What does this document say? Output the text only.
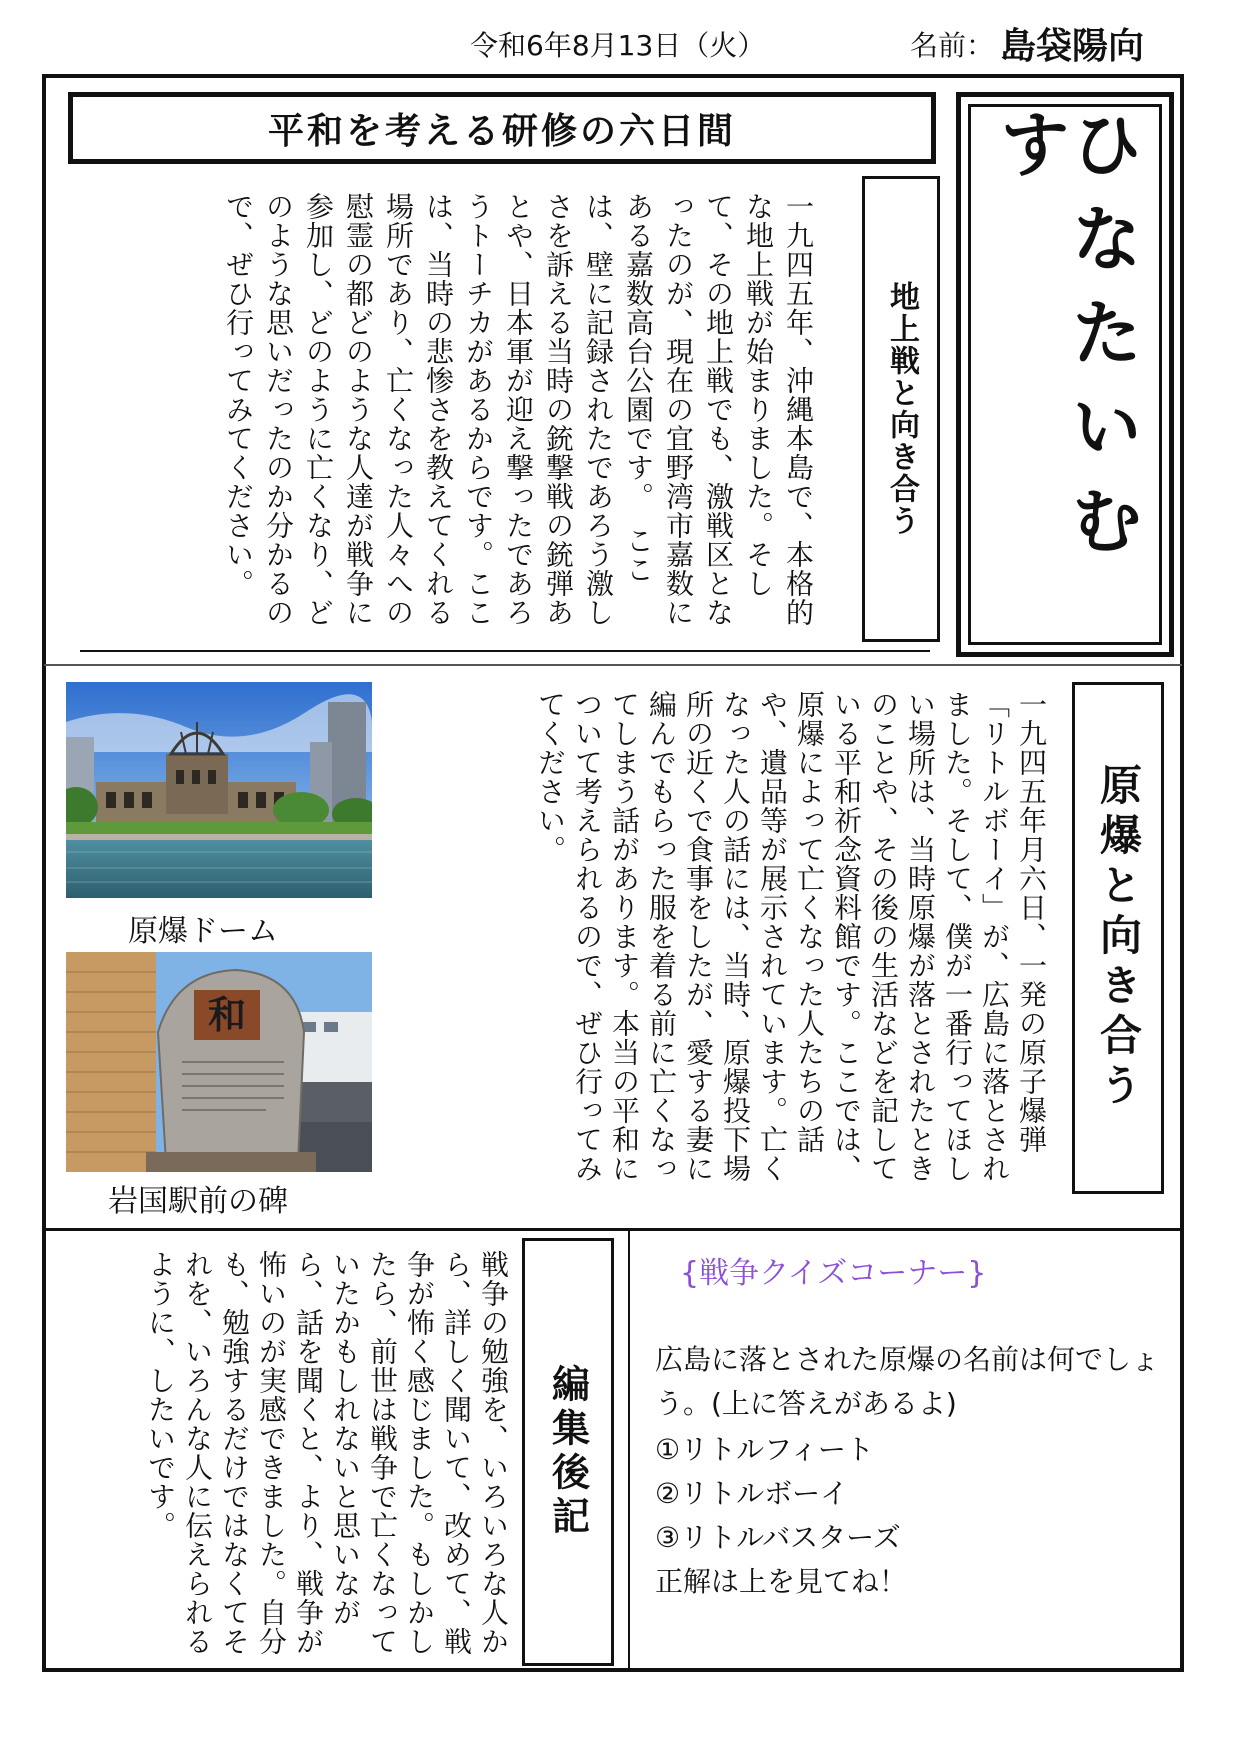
令和6年8月13日（火）	名前： 島袋陽向
平和を考える研修の六日間	ひなたいむす
地上戦と向き合う
一九四五年、沖縄本島で、本格的な地上戦が始まりました。そして、その地上戦でも、激戦区となったのが、現在の宜野湾市嘉数にある嘉数高台公園です。　ここは、壁に記録されたであろう激しさを訴える当時の銃撃戦の銃弾あとや、日本軍が迎え撃ったであろうトーチカがあるからです。ここは、当時の悲惨さを教えてくれる場所であり、亡くなった人々への慰霊の都どのような人達が戦争に参加し、どのように亡くなり、どのような思いだったのか分かるので、ぜひ行ってみてください。
原爆と向き合う
一九四五年月六日、一発の原子爆弾「リトルボーイ」が、広島に落とされました。そして、僕が一番行ってほしい場所は、当時原爆が落とされたときのことや、その後の生活などを記している平和祈念資料館です。ここでは、原爆によって亡くなった人たちの話や、遺品等が展示されています。亡くなった人の話には、当時、原爆投下場所の近くで食事をしたが、愛する妻に編んでもらった服を着る前に亡くなってしまう話があります。本当の平和について考えられるので、ぜひ行ってみてください。
原爆ドーム
和
岩国駅前の碑
編集後記
戦争の勉強を、いろいろな人から、詳しく聞いて、改めて、戦争が怖く感じました。もしかしたら、前世は戦争で亡くなっていたかもしれないと思いながら、話を聞くと、より、戦争が怖いのが実感できました。自分も、勉強するだけではなくてそれを、いろんな人に伝えられるように、したいです。	{戦争クイズコーナー}
広島に落とされた原爆の名前は何でしょう。(上に答えがあるよ)
①リトルフィート
②リトルボーイ
③リトルバスターズ
正解は上を見てね！
